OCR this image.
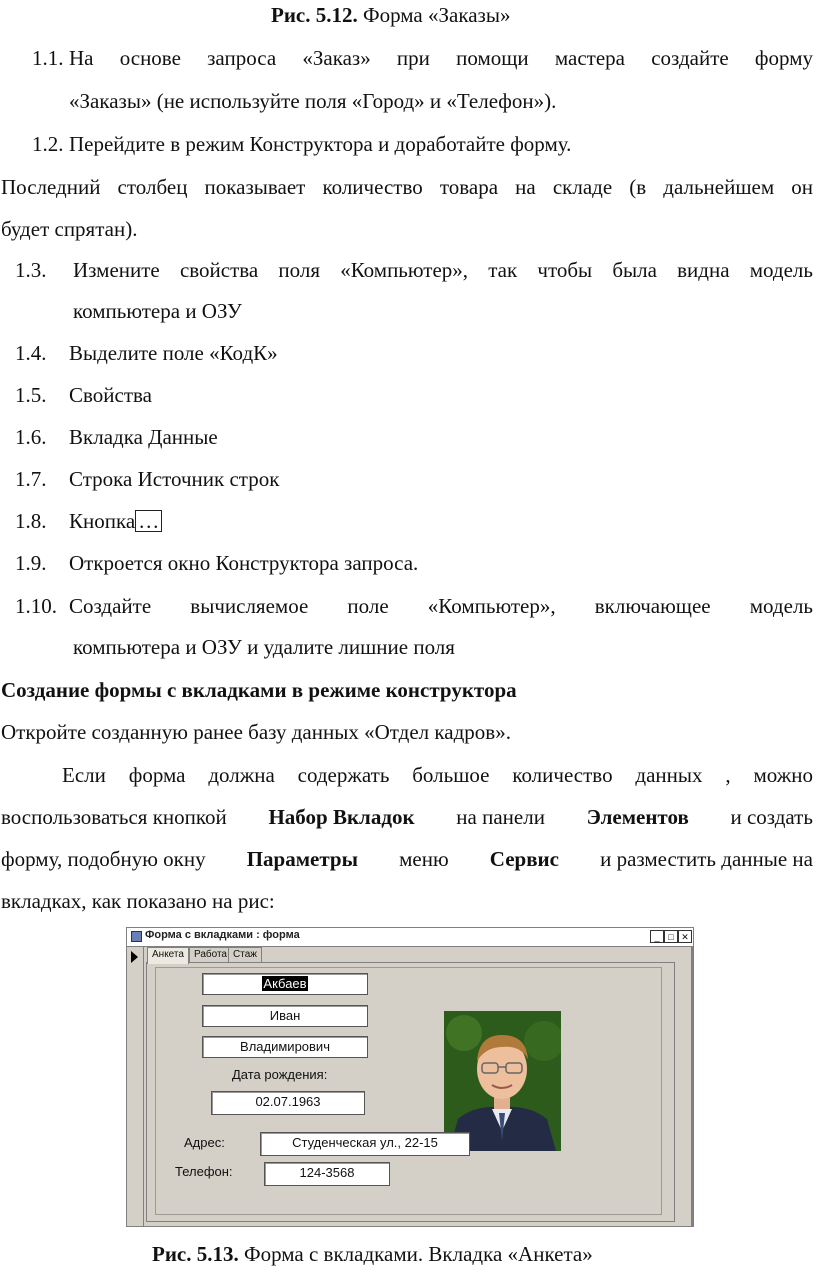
Рис. 5.12. Форма «Заказы»
1.1. На основе запроса «Заказ» при помощи мастера создайте форму
«Заказы» (не используйте поля «Город» и «Телефон»).
1.2. Перейдите в режим Конструктора и доработайте форму.
Последний столбец показывает количество товара на складе (в дальнейшем он
будет спрятан).
1.3. Измените свойства поля «Компьютер», так чтобы была видна модель
компьютера и ОЗУ
1.4. Выделите поле «КодК»
1.5. Свойства
1.6. Вкладка Данные
1.7. Строка Источник строк
1.8. Кнопка …
1.9. Откроется окно Конструктора запроса.
1.10. Создайте вычисляемое поле «Компьютер», включающее модель
компьютера и ОЗУ и удалите лишние поля
Создание формы с вкладками в режиме конструктора
Откройте созданную ранее базу данных «Отдел кадров».
Если форма должна содержать большое количество данных , можно
воспользоваться кнопкой Набор Вкладок на панели Элементов и создать
форму, подобную окну Параметры меню Сервис и разместить данные на
вкладках, как показано на рис:
Форма с вкладками : форма	_ □ ✕
Анкета	Работа Стаж
Акбаев
Иван
Владимирович
Дата рождения:
02.07.1963
Адрес:	Студенческая ул., 22-15
Телефон:	124-3568
Рис. 5.13. Форма с вкладками. Вкладка «Анкета»
